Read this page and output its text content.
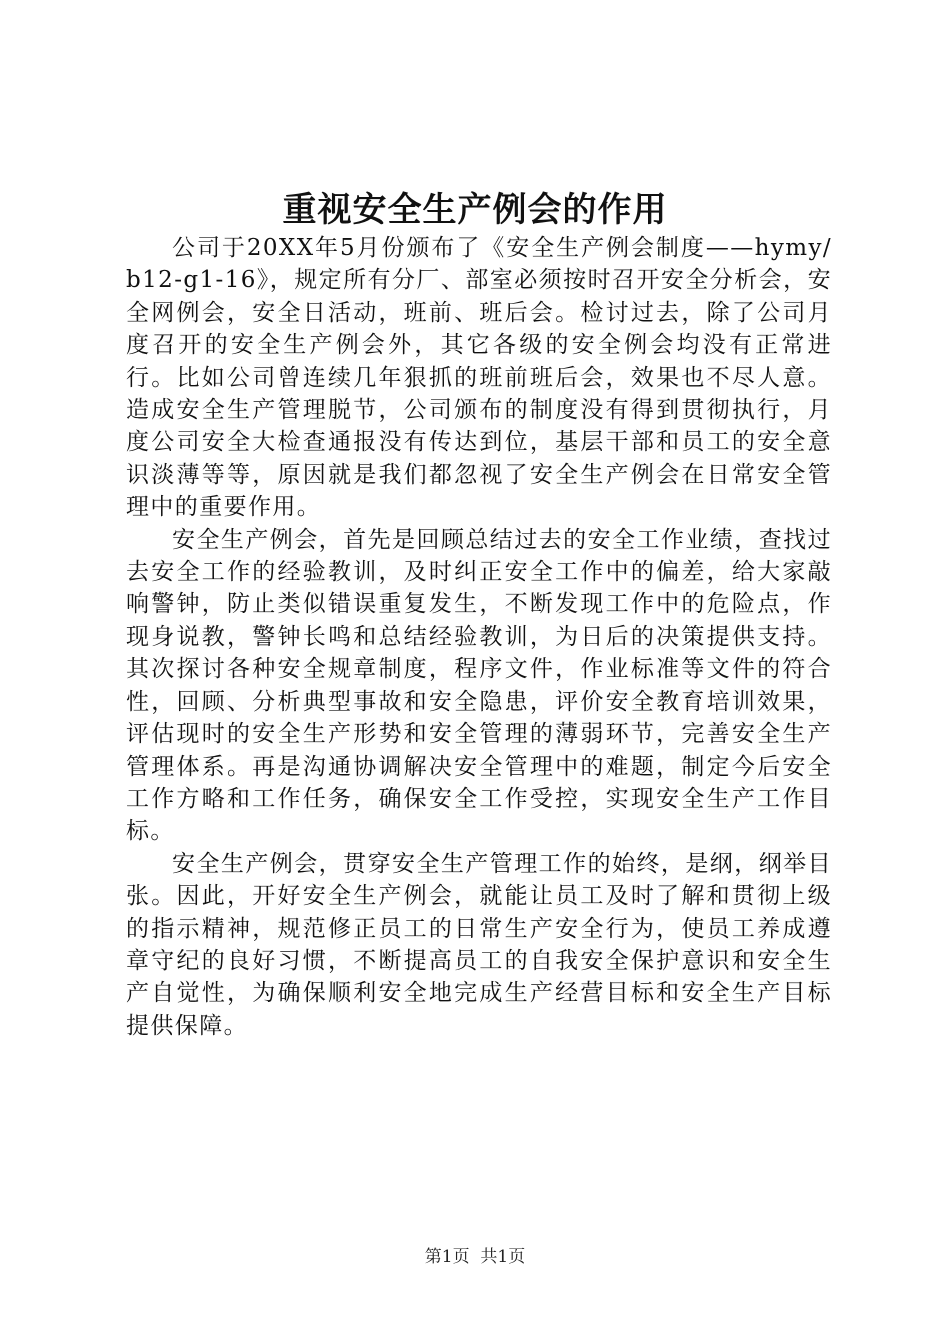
重视安全生产例会的作用

公司于20XX年5月份颁布了《安全生产例会制度——hymy/b12-g1-16》，规定所有分厂、部室必须按时召开安全分析会，安全网例会，安全日活动，班前、班后会。检讨过去，除了公司月度召开的安全生产例会外，其它各级的安全例会均没有正常进行。比如公司曾连续几年狠抓的班前班后会，效果也不尽人意。造成安全生产管理脱节，公司颁布的制度没有得到贯彻执行，月度公司安全大检查通报没有传达到位，基层干部和员工的安全意识淡薄等等，原因就是我们都忽视了安全生产例会在日常安全管理中的重要作用。

安全生产例会，首先是回顾总结过去的安全工作业绩，查找过去安全工作的经验教训，及时纠正安全工作中的偏差，给大家敲响警钟，防止类似错误重复发生，不断发现工作中的危险点，作现身说教，警钟长鸣和总结经验教训，为日后的决策提供支持。其次探讨各种安全规章制度，程序文件，作业标准等文件的符合性，回顾、分析典型事故和安全隐患，评价安全教育培训效果，评估现时的安全生产形势和安全管理的薄弱环节，完善安全生产管理体系。再是沟通协调解决安全管理中的难题，制定今后安全工作方略和工作任务，确保安全工作受控，实现安全生产工作目标。

安全生产例会，贯穿安全生产管理工作的始终，是纲，纲举目张。因此，开好安全生产例会，就能让员工及时了解和贯彻上级的指示精神，规范修正员工的日常生产安全行为，使员工养成遵章守纪的良好习惯，不断提高员工的自我安全保护意识和安全生产自觉性，为确保顺利安全地完成生产经营目标和安全生产目标提供保障。

第1页 共1页
